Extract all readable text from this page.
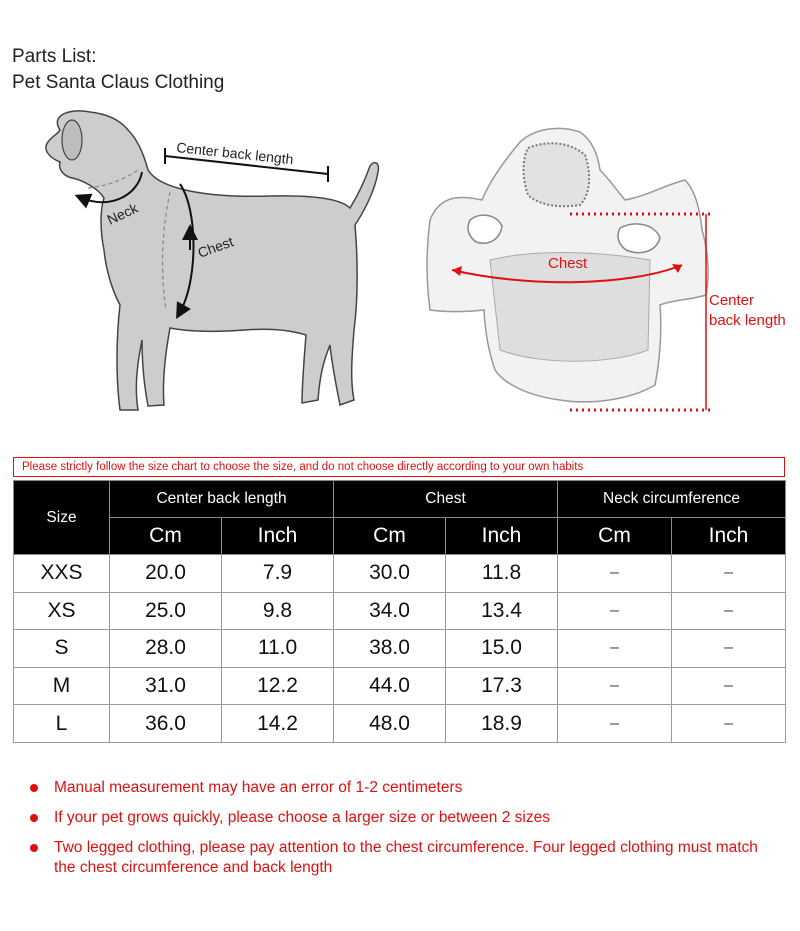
Parts List:
Pet Santa Claus Clothing
Center back length
Neck
Chest
Chest
Center
back length
Please strictly follow the size chart to choose the size, and do not choose directly according to your own habits
Size	Center back length		Chest		Neck circumference	
	Cm	Inch	Cm	Inch	Cm	Inch
XXS	20.0	7.9	30.0	11.8	–	–
XS	25.0	9.8	34.0	13.4	–	–
S	28.0	11.0	38.0	15.0	–	–
M	31.0	12.2	44.0	17.3	–	–
L	36.0	14.2	48.0	18.9	–	–
Manual measurement may have an error of 1-2 centimeters
If your pet grows quickly, please choose a larger size or between 2 sizes
Two legged clothing, please pay attention to the chest circumference. Four legged clothing must match the chest circumference and back length
